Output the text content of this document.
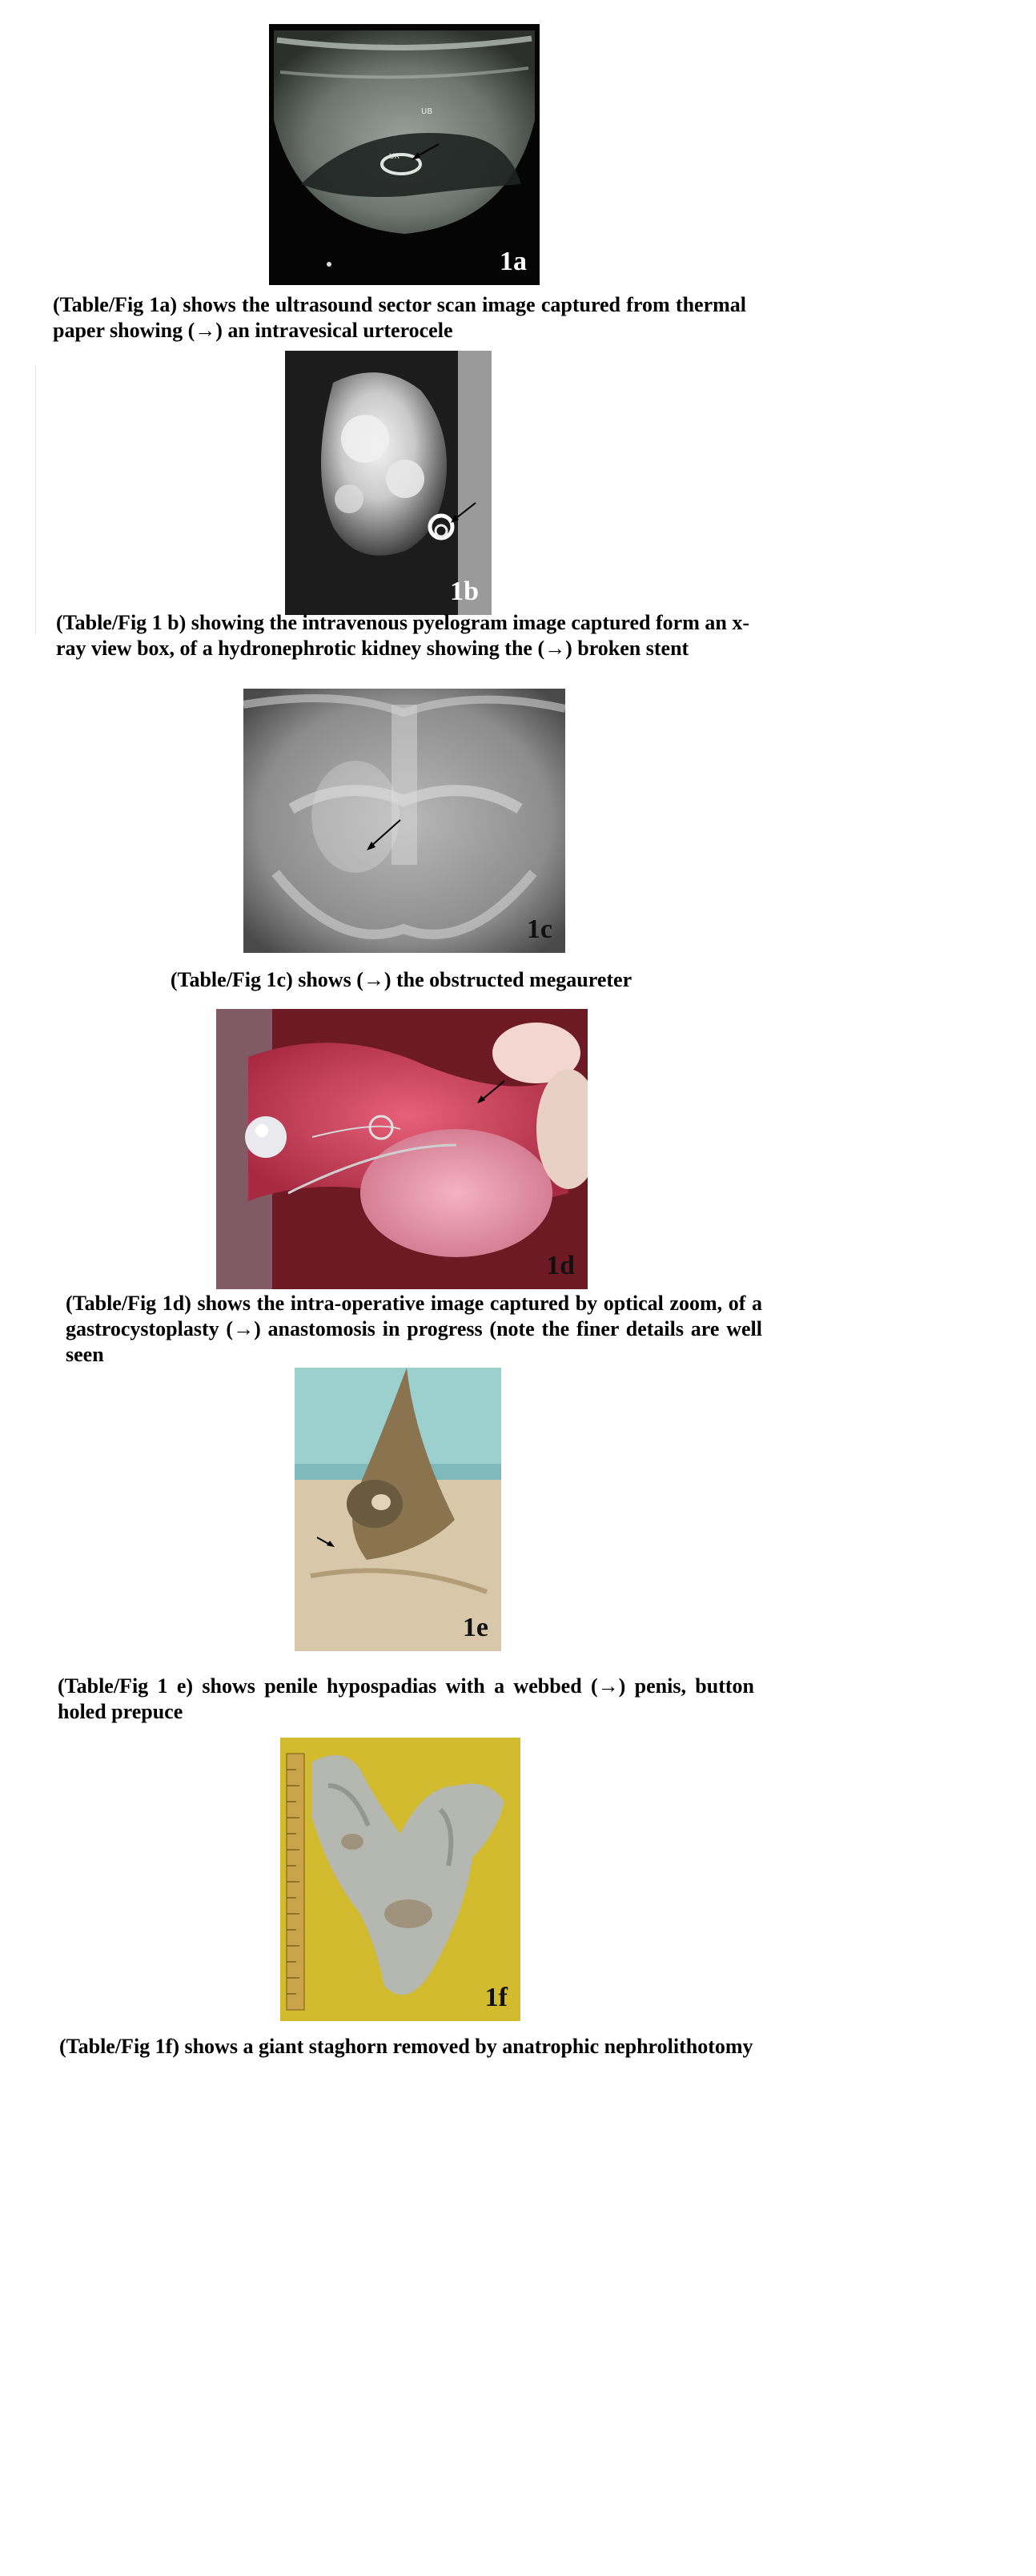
UB
UR
1a

(Table/Fig 1a) shows the ultrasound sector scan image captured from thermal paper showing (→) an intravesical urterocele

1b

(Table/Fig 1 b) showing the intravenous pyelogram image captured form an x-ray view box, of a hydronephrotic kidney showing the (→) broken stent

1c

(Table/Fig 1c) shows (→) the obstructed megaureter

1d

(Table/Fig 1d) shows the intra-operative image captured by optical zoom, of a gastrocystoplasty (→) anastomosis in progress (note the finer details are well seen

1e

(Table/Fig 1 e) shows penile hypospadias with a webbed (→) penis, button holed prepuce

1f

(Table/Fig 1f) shows a giant staghorn removed by anatrophic nephrolithotomy
